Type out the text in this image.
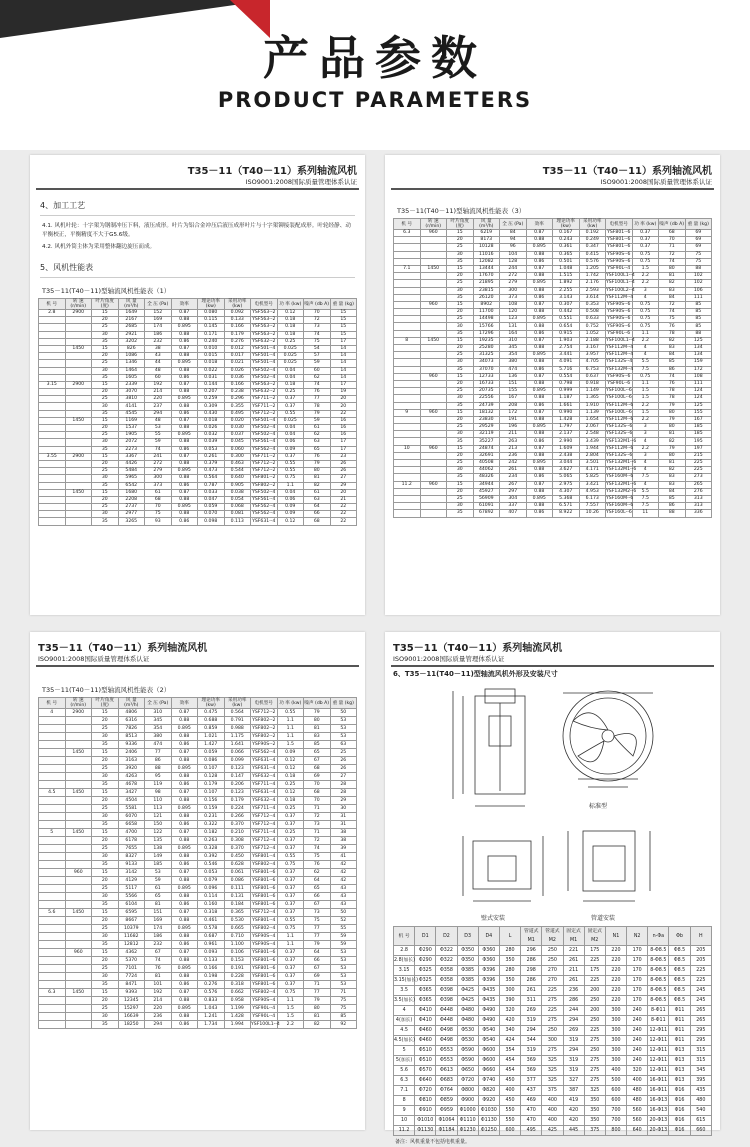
产品参数
PRODUCT PARAMETERS
T35－11（T40－11）系列轴流风机
ISO9001:2008国际质量管理体系认证
4、加工工艺
4.1. 风机叶轮：十字架为钢制冲压下料，液压成形。叶片为铝合金冲压后液压成形叶片与十字架铆接装配成形。叶轮经静、动平衡校正，平衡精度不大于G5.6级。
4.2. 风机外筒主体为采用整体翻边旋压而成。
5、风机性能表
T35－11(T40－11)型轴流风机性能表（1）
机 号	转 速 (r/min)	叶片角度 (度)	风 量 (m³/h)	全 压 (Pa)	效率	理论功率 (kw)	采用功率 (kw)	电机型号	功 率 (kw)	噪声 (db A)	重 量 (kg)
2.8	2900	15	1649	152	0.87	0.080	0.092	YSF563--2	0.12	70	15
		20	2167	169	0.88	0.115	0.133	YSF563--2	0.18	72	15
		25	2685	174	0.895	0.145	0.166	YSF563--2	0.18	73	15
		30	2921	186	0.88	0.171	0.179	YSF563--2	0.18	74	15
		35	3202	232	0.86	0.240	0.276	YSF632--2	0.25	75	17
	1450	15	826	38	0.87	0.010	0.012	YSF501--4	0.025	54	14
		20	1086	43	0.88	0.015	0.017	YSF501--4	0.025	57	14
		25	1346	44	0.895	0.018	0.021	YSF501--4	0.025	59	14
		30	1464	48	0.88	0.022	0.026	YSF502--4	0.04	60	14
		35	1605	60	0.86	0.031	0.036	YSF502--4	0.04	62	14
3.15	2900	15	2339	192	0.87	0.144	0.166	YSF563--2	0.18	74	17
		20	3070	214	0.88	0.207	0.238	YSF632--2	0.25	76	19
		25	3810	220	0.895	0.259	0.296	YSF711--2	0.37	77	20
		30	4141	237	0.88	0.309	0.355	YSF711--2	0.37	78	20
		35	4545	294	0.86	0.430	0.495	YSF712--2	0.55	79	22
	1450	15	1169	48	0.87	0.018	0.020	YSF501--4	0.025	59	16
		20	1537	53	0.88	0.026	0.030	YSF502--4	0.04	61	16
		25	1905	55	0.895	0.032	0.037	YSF502--4	0.04	62	16
		30	2072	59	0.88	0.039	0.045	YSF561--4	0.06	63	17
		35	2273	74	0.86	0.053	0.060	YSF562--4	0.09	65	17
3.55	2900	15	3367	241	0.87	0.261	0.300	YSF711--2	0.37	76	23
		20	4426	272	0.88	0.379	0.463	YSF712--2	0.55	79	26
		25	5484	279	0.895	0.473	0.544	YSF712--2	0.55	80	26
		30	5965	300	0.88	0.564	0.640	YSF801--2	0.75	81	27
		35	6542	373	0.86	0.787	0.905	YSF802--2	1.1	82	29
	1450	15	1680	61	0.87	0.033	0.038	YSF502--4	0.04	61	20
		20	2208	68	0.88	0.047	0.054	YSF561--4	0.06	63	21
		25	2737	70	0.895	0.059	0.068	YSF562--4	0.09	64	22
		30	2977	75	0.88	0.070	0.081	YSF562--4	0.09	66	22
		35	3265	93	0.86	0.098	0.113	YSF631--4	0.12	68	22
T35－11（T40－11）系列轴流风机
ISO9001:2008国际质量管理体系认证
T35－11(T40－11)型轴流风机性能表（3）
机 号	转 速 (r/min)	叶片角度 (度)	风 量 (m³/h)	全 压 (Pa)	效率	理论功率 (kw)	采用功率 (kw)	电机型号	功 率 (kw)	噪声 (db A)	重 量 (kg)
6.3	960	15	6219	84	0.87	0.167	0.192	YSF801--6	0.37	68	69
		20	8173	94	0.88	0.243	0.249	YSF801--6	0.37	70	69
		25	10128	96	0.895	0.361	0.347	YSF801--6	0.37	71	69
		30	11016	104	0.88	0.365	0.415	YSF90S--6	0.75	72	75
		35	12082	128	0.86	0.501	0.576	YSF90S--6	0.75	74	75
7.1	1450	15	13444	244	0.87	1.048	1.205	YSF90L--4	1.5	80	88
		20	17670	272	0.88	1.515	1.742	YSF100L1--4	2.2	81	102
		25	21895	279	0.895	1.892	2.176	YSF100L1--4	2.2	82	102
		30	23815	300	0.88	2.255	2.593	YSF100L2--4	3	83	106
		35	26120	373	0.86	3.143	3.614	YSF112M--4	4	84	111
	960	15	8902	108	0.87	0.307	0.353	YSF90S--6	0.75	72	85
		20	11700	120	0.88	0.442	0.508	YSF90S--6	0.75	74	85
		25	14498	123	0.895	0.551	0.633	YSF90S--6	0.75	75	85
		30	15766	131	0.88	0.654	0.752	YSF90S--6	0.75	76	85
		35	17296	164	0.86	0.915	1.052	YSF90L--6	1.1	78	88
8	1450	15	19235	310	0.87	1.903	2.188	YSF100L1--4	2.2	82	125
		20	25280	345	0.88	2.754	3.167	YSF112M--4	4	83	134
		25	31325	354	0.895	3.441	3.957	YSF112M--4	4	84	134
		30	34073	380	0.88	4.091	4.705	YSF132S--4	5.5	85	159
		35	37070	474	0.86	5.716	6.753	YSF132M--4	7.5	86	172
	960	15	12733	136	0.87	0.554	0.637	YSF90S--6	0.75	74	108
		20	16733	151	0.88	0.798	0.918	YSF90L--6	1.1	76	111
		25	20735	155	0.895	0.999	1.149	YSF100L--6	1.5	78	124
		30	22556	167	0.88	1.187	1.365	YSF100L--6	1.5	78	124
		35	24739	208	0.86	1.661	1.910	YSF112M--6	2.2	79	125
9	960	15	18132	172	0.87	0.990	1.139	YSF100L--6	1.5	80	155
		20	23830	191	0.88	1.428	1.654	YSF112M--6	2.2	79	167
		25	29529	196	0.895	1.797	2.067	YSF132S--6	3	80	185
		30	32119	211	0.88	2.137	2.548	YSF132S--6	3	81	185
		35	35227	263	0.86	2.990	3.439	YSF132M1--6	4	82	195
10	960	15	24874	213	0.87	1.609	1.944	YSF112M--6	2.2	79	197
		20	32691	236	0.88	2.438	2.804	YSF132S--6	3	80	215
		25	40508	242	0.895	3.044	3.501	YSF132M1--6	4	81	225
		30	44062	261	0.88	3.627	4.171	YSF132M1--6	4	82	225
		35	48326	234	0.86	5.065	5.825	YSF160M--6	7.5	83	273
11.2	960	15	34944	267	0.87	2.975	3.421	YSF132M1--6	4	83	265
		20	45927	297	0.88	4.307	4.953	YSF132M2--6	5.5	84	276
		25	56909	304	0.895	5.368	6.173	YSF160M--6	7.5	85	313
		30	61091	337	0.88	6.571	7.557	YSF160M--6	7.5	86	313
		35	67892	407	0.86	8.922	10.26	YSF160L--6	11	88	336
T35－11（T40－11）系列轴流风机
ISO9001:2008国际质量管理体系认证
T35－11(T40－11)型轴流风机性能表（2）
机 号	转 速 (r/min)	叶片角度 (度)	风 量 (m³/h)	全 压 (Pa)	效率	理论功率 (kw)	采用功率 (kw)	电机型号	功 率 (kw)	噪声 (db A)	重 量 (kg)
4	2900	15	4806	310	0.87	0.475	0.564	YSF712--2	0.55	79	50
		20	6316	345	0.88	0.688	0.791	YSF802--2	1.1	80	53
		25	7826	354	0.895	0.859	0.988	YSF802--2	1.1	81	53
		30	8513	380	0.88	1.021	1.175	YSF802--2	1.1	83	53
		35	9336	474	0.86	1.427	1.641	YSF90S--2	1.5	85	63
	1450	15	2406	77	0.87	0.059	0.066	YSF562--4	0.09	65	25
		20	3163	86	0.88	0.086	0.099	YSF631--4	0.12	67	26
		25	3920	88	0.895	0.107	0.123	YSF631--4	0.12	68	26
		30	4263	95	0.88	0.128	0.147	YSF632--4	0.18	69	27
		35	4678	119	0.86	0.179	0.206	YSF711--4	0.25	70	28
4.5	1450	15	3427	98	0.87	0.107	0.123	YSF631--4	0.12	68	28
		20	4504	110	0.88	0.156	0.179	YSF632--4	0.18	70	29
		25	5581	113	0.895	0.159	0.224	YSF711--4	0.25	71	30
		30	6070	121	0.88	0.231	0.266	YSF712--4	0.37	72	31
		35	6658	150	0.86	0.322	0.370	YSF712--4	0.37	73	31
5	1450	15	4700	122	0.87	0.182	0.210	YSF711--4	0.25	71	38
		20	6178	135	0.88	0.263	0.308	YSF712--4	0.37	72	38
		25	7655	138	0.895	0.328	0.370	YSF712--4	0.37	74	39
		30	8327	149	0.88	0.392	0.450	YSF801--4	0.55	75	41
		35	9133	185	0.86	0.546	0.628	YSF802--4	0.75	76	42
	960	15	3142	53	0.87	0.053	0.061	YSF801--6	0.37	62	42
		20	4129	59	0.88	0.079	0.086	YSF801--6	0.37	64	42
		25	5117	61	0.895	0.096	0.111	YSF801--6	0.37	65	43
		30	5566	65	0.88	0.114	0.131	YSF801--6	0.37	66	43
		35	6104	81	0.86	0.160	0.184	YSF801--6	0.37	67	43
5.6	1450	15	6595	151	0.87	0.318	0.365	YSF712--4	0.37	73	50
		20	8667	169	0.88	0.461	0.530	YSF801--4	0.55	75	52
		25	10379	174	0.895	0.578	0.665	YSF802--4	0.75	77	55
		30	11682	186	0.88	0.687	0.710	YSF90S--4	1.1	77	59
		35	12812	232	0.86	0.961	1.100	YSF90S--4	1.1	79	59
	960	15	4362	67	0.87	0.093	0.106	YSF801--6	0.37	64	53
		20	5370	74	0.88	0.133	0.153	YSF801--6	0.37	66	53
		25	7101	76	0.895	0.166	0.191	YSF801--6	0.37	67	53
		30	7724	81	0.88	0.198	0.228	YSF801--6	0.37	69	53
		35	8471	101	0.86	0.276	0.318	YSF801--6	0.37	71	53
6.3	1450	15	9393	192	0.87	0.576	0.662	YSF802--4	0.75	77	71
		20	12345	214	0.88	0.833	0.958	YSF90S--4	1.1	79	75
		25	15297	220	0.895	1.043	1.199	YSF90L--4	1.5	80	75
		30	16639	236	0.88	1.241	1.428	YSF90L--4	1.5	81	85
		35	18250	294	0.86	1.734	1.994	YSF100L1--4	2.2	82	92
T35－11（T40－11）系列轴流风机
ISO9001:2008国际质量管理体系认证
6、T35－11(T40－11)型轴流风机外形及安装尺寸
标准型
壁式安装	管道安装
机 号	D1	D2	D3	D4	L	管道式 M1	管道式 M2	固定式 M1	固定式 M2	N1	N2	n-Φa	Φb	H
2.8	Φ290	Φ322	Φ350	Φ360	280	296	250	221	175	220	170	8-Φ8.5	Φ8.5	205
2.8(加长)	Φ290	Φ322	Φ350	Φ360	350	286	250	261	225	220	170	8-Φ8.5	Φ8.5	205
3.15	Φ325	Φ358	Φ385	Φ396	280	298	270	211	175	220	170	8-Φ8.5	Φ8.5	225
3.15(加长)	Φ325	Φ358	Φ385	Φ396	350	286	270	261	225	220	170	8-Φ8.5	Φ8.5	225
3.5	Φ365	Φ398	Φ425	Φ435	300	261	225	236	200	220	170	8-Φ8.5	Φ8.5	245
3.5(加长)	Φ365	Φ398	Φ425	Φ435	390	311	275	286	250	220	170	8-Φ8.5	Φ8.5	245
4	Φ410	Φ448	Φ480	Φ490	320	269	225	244	200	300	240	8-Φ11	Φ11	265
4(加长)	Φ410	Φ448	Φ480	Φ490	420	319	275	294	250	300	240	8-Φ11	Φ11	265
4.5	Φ460	Φ498	Φ530	Φ540	340	294	250	269	225	300	240	12-Φ11	Φ11	295
4.5(加长)	Φ460	Φ498	Φ530	Φ540	424	344	300	319	275	300	240	12-Φ11	Φ11	295
5	Φ510	Φ553	Φ590	Φ600	354	319	275	294	250	300	240	12-Φ11	Φ13	315
5(加长)	Φ510	Φ553	Φ590	Φ600	454	369	325	319	275	300	240	12-Φ11	Φ13	315
5.6	Φ570	Φ613	Φ650	Φ660	454	369	325	319	275	400	320	12-Φ11	Φ13	345
6.3	Φ640	Φ683	Φ720	Φ740	450	377	325	327	275	500	400	16-Φ11	Φ13	395
7.1	Φ720	Φ764	Φ800	Φ820	400	437	375	387	325	600	480	16-Φ11	Φ16	435
8	Φ810	Φ859	Φ900	Φ920	450	469	400	419	350	600	480	16-Φ13	Φ16	480
9	Φ910	Φ959	Φ1000	Φ1030	550	470	400	420	350	700	560	16-Φ13	Φ16	540
10	Φ1010	Φ1064	Φ1110	Φ1130	550	470	400	420	350	700	560	20-Φ13	Φ16	615
11.2	Φ1130	Φ1184	Φ1230	Φ1250	600	495	425	445	375	800	640	20-Φ13	Φ16	660
备注：风机重量不包括电机重量。
